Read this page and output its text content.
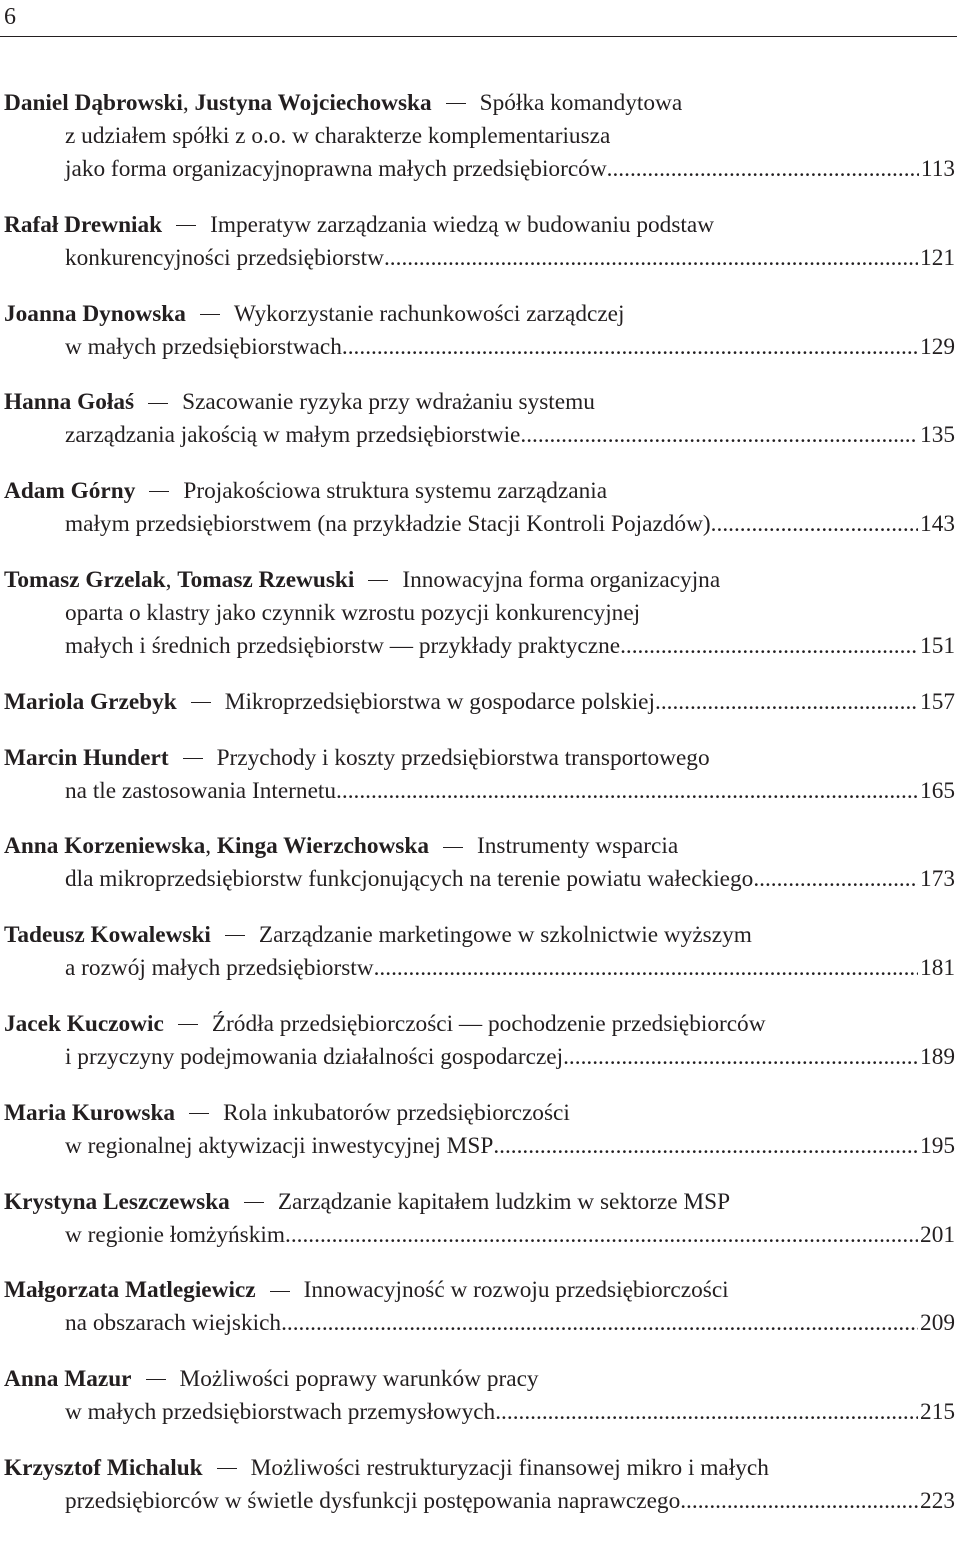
6
Daniel Dąbrowski, Justyna Wojciechowska Spółka komandytowa
z udziałem spółki z o.o. w charakterze komplementariusza
jako forma organizacyjnoprawna małych przedsiębiorców .....	113
Rafał Drewniak Imperatyw zarządzania wiedzą w budowaniu podstaw
konkurencyjności przedsiębiorstw .....	121
Joanna Dynowska Wykorzystanie rachunkowości zarządczej
w małych przedsiębiorstwach .....	129
Hanna Gołaś Szacowanie ryzyka przy wdrażaniu systemu
zarządzania jakością w małym przedsiębiorstwie .....	135
Adam Górny Projakościowa struktura systemu zarządzania
małym przedsiębiorstwem (na przykładzie Stacji Kontroli Pojazdów) .....	143
Tomasz Grzelak, Tomasz Rzewuski Innowacyjna forma organizacyjna
oparta o klastry jako czynnik wzrostu pozycji konkurencyjnej
małych i średnich przedsiębiorstw — przykłady praktyczne .....	151
Mariola Grzebyk Mikroprzedsiębiorstwa w gospodarce polskiej .....	157
Marcin Hundert Przychody i koszty przedsiębiorstwa transportowego
na tle zastosowania Internetu .....	165
Anna Korzeniewska, Kinga Wierzchowska Instrumenty wsparcia
dla mikroprzedsiębiorstw funkcjonujących na terenie powiatu wałeckiego .....	173
Tadeusz Kowalewski Zarządzanie marketingowe w szkolnictwie wyższym
a rozwój małych przedsiębiorstw .....	181
Jacek Kuczowic Źródła przedsiębiorczości — pochodzenie przedsiębiorców
i przyczyny podejmowania działalności gospodarczej .....	189
Maria Kurowska Rola inkubatorów przedsiębiorczości
w regionalnej aktywizacji inwestycyjnej MSP .....	195
Krystyna Leszczewska Zarządzanie kapitałem ludzkim w sektorze MSP
w regionie łomżyńskim .....	201
Małgorzata Matlegiewicz Innowacyjność w rozwoju przedsiębiorczości
na obszarach wiejskich .....	209
Anna Mazur Możliwości poprawy warunków pracy
w małych przedsiębiorstwach przemysłowych .....	215
Krzysztof Michaluk Możliwości restrukturyzacji finansowej mikro i małych
przedsiębiorców w świetle dysfunkcji postępowania naprawczego .....	223
